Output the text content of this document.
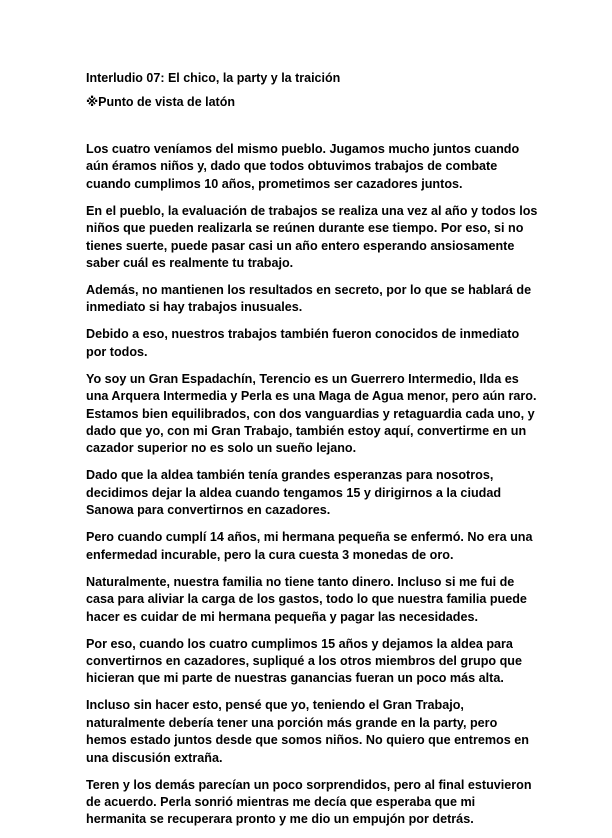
Interludio 07: El chico, la party y la traición
※Punto de vista de latón

Los cuatro veníamos del mismo pueblo. Jugamos mucho juntos cuando aún éramos niños y, dado que todos obtuvimos trabajos de combate cuando cumplimos 10 años, prometimos ser cazadores juntos.

En el pueblo, la evaluación de trabajos se realiza una vez al año y todos los niños que pueden realizarla se reúnen durante ese tiempo. Por eso, si no tienes suerte, puede pasar casi un año entero esperando ansiosamente saber cuál es realmente tu trabajo.

Además, no mantienen los resultados en secreto, por lo que se hablará de inmediato si hay trabajos inusuales.

Debido a eso, nuestros trabajos también fueron conocidos de inmediato por todos.

Yo soy un Gran Espadachín, Terencio es un Guerrero Intermedio, Ilda es una Arquera Intermedia y Perla es una Maga de Agua menor, pero aún raro. Estamos bien equilibrados, con dos vanguardias y retaguardia cada uno, y dado que yo, con mi Gran Trabajo, también estoy aquí, convertirme en un cazador superior no es solo un sueño lejano.

Dado que la aldea también tenía grandes esperanzas para nosotros, decidimos dejar la aldea cuando tengamos 15 y dirigirnos a la ciudad Sanowa para convertirnos en cazadores.

Pero cuando cumplí 14 años, mi hermana pequeña se enfermó. No era una enfermedad incurable, pero la cura cuesta 3 monedas de oro.

Naturalmente, nuestra familia no tiene tanto dinero. Incluso si me fui de casa para aliviar la carga de los gastos, todo lo que nuestra familia puede hacer es cuidar de mi hermana pequeña y pagar las necesidades.

Por eso, cuando los cuatro cumplimos 15 años y dejamos la aldea para convertirnos en cazadores, supliqué a los otros miembros del grupo que hicieran que mi parte de nuestras ganancias fueran un poco más alta.

Incluso sin hacer esto, pensé que yo, teniendo el Gran Trabajo, naturalmente debería tener una porción más grande en la party, pero hemos estado juntos desde que somos niños. No quiero que entremos en una discusión extraña.

Teren y los demás parecían un poco sorprendidos, pero al final estuvieron de acuerdo. Perla sonrió mientras me decía que esperaba que mi hermanita se recuperara pronto y me dio un empujón por detrás.
